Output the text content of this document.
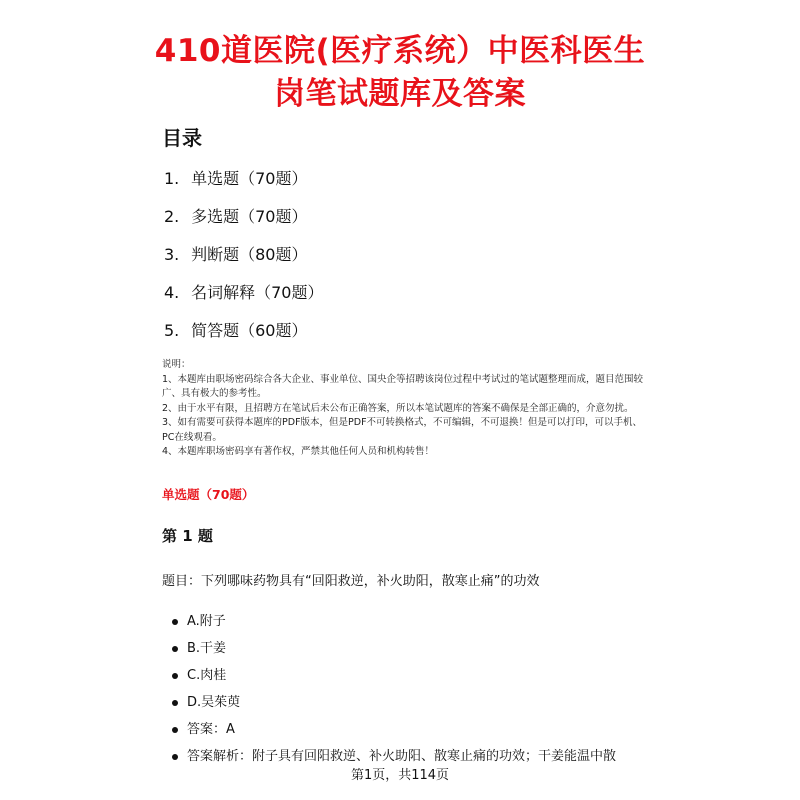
410道医院(医疗系统）中医科医生
岗笔试题库及答案
目录
1. 单选题（70题）
2. 多选题（70题）
3. 判断题（80题）
4. 名词解释（70题）
5. 简答题（60题）

说明：

1、本题库由职场密码综合各大企业、事业单位、国央企等招聘该岗位过程中考试过的笔试题整理而成，题目范围较广、具有极大的参考性。

2、由于水平有限，且招聘方在笔试后未公布正确答案，所以本笔试题库的答案不确保是全部正确的，介意勿扰。

3、如有需要可获得本题库的PDF版本，但是PDF不可转换格式，不可编辑，不可退换！但是可以打印，可以手机、PC在线观看。

4、本题库职场密码享有著作权，严禁其他任何人员和机构转售！

单选题（70题）
第 1 题
题目：下列哪味药物具有“回阳救逆，补火助阳，散寒止痛”的功效
A.附子
B.干姜
C.肉桂
D.吴茱萸
答案：A
答案解析：附子具有回阳救逆、补火助阳、散寒止痛的功效；干姜能温中散
第1页，共114页
